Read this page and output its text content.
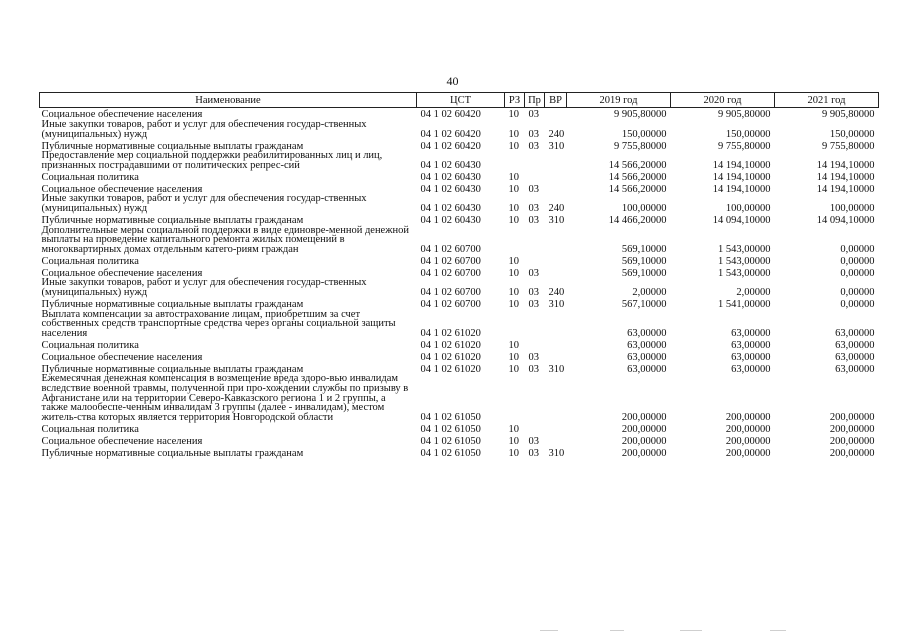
40
Наименование	ЦСТ	РЗ	Пр	ВР	2019 год	2020 год	2021 год
Социальное обеспечение населения	04 1 02 60420	10	03		9 905,80000	9 905,80000	9 905,80000
Иные закупки товаров, работ и услуг для обеспечения государ-ственных (муниципальных) нужд	04 1 02 60420	10	03	240	150,00000	150,00000	150,00000
Публичные нормативные социальные выплаты гражданам	04 1 02 60420	10	03	310	9 755,80000	9 755,80000	9 755,80000
Предоставление мер социальной поддержки реабилитированных лиц и лиц, признанных пострадавшими от политических репрес-сий	04 1 02 60430				14 566,20000	14 194,10000	14 194,10000
Социальная политика	04 1 02 60430	10			14 566,20000	14 194,10000	14 194,10000
Социальное обеспечение населения	04 1 02 60430	10	03		14 566,20000	14 194,10000	14 194,10000
Иные закупки товаров, работ и услуг для обеспечения государ-ственных (муниципальных) нужд	04 1 02 60430	10	03	240	100,00000	100,00000	100,00000
Публичные нормативные социальные выплаты гражданам	04 1 02 60430	10	03	310	14 466,20000	14 094,10000	14 094,10000
Дополнительные меры социальной поддержки в виде единовре-менной денежной выплаты на проведение капитального ремонта жилых помещений в многоквартирных домах отдельным катего-риям граждан	04 1 02 60700				569,10000	1 543,00000	0,00000
Социальная политика	04 1 02 60700	10			569,10000	1 543,00000	0,00000
Социальное обеспечение населения	04 1 02 60700	10	03		569,10000	1 543,00000	0,00000
Иные закупки товаров, работ и услуг для обеспечения государ-ственных (муниципальных) нужд	04 1 02 60700	10	03	240	2,00000	2,00000	0,00000
Публичные нормативные социальные выплаты гражданам	04 1 02 60700	10	03	310	567,10000	1 541,00000	0,00000
Выплата компенсации за автострахование лицам, приобретшим за счет собственных средств транспортные средства через органы социальной защиты населения	04 1 02 61020				63,00000	63,00000	63,00000
Социальная политика	04 1 02 61020	10			63,00000	63,00000	63,00000
Социальное обеспечение населения	04 1 02 61020	10	03		63,00000	63,00000	63,00000
Публичные нормативные социальные выплаты гражданам	04 1 02 61020	10	03	310	63,00000	63,00000	63,00000
Ежемесячная денежная компенсация в возмещение вреда здоро-вью инвалидам вследствие военной травмы, полученной при про-хождении службы по призыву в Афганистане или на территории Северо-Кавказского региона 1 и 2 группы, а также малообеспе-ченным инвалидам 3 группы (далее - инвалидам), местом житель-ства которых является территория Новгородской области	04 1 02 61050				200,00000	200,00000	200,00000
Социальная политика	04 1 02 61050	10			200,00000	200,00000	200,00000
Социальное обеспечение населения	04 1 02 61050	10	03		200,00000	200,00000	200,00000
Публичные нормативные социальные выплаты гражданам	04 1 02 61050	10	03	310	200,00000	200,00000	200,00000
